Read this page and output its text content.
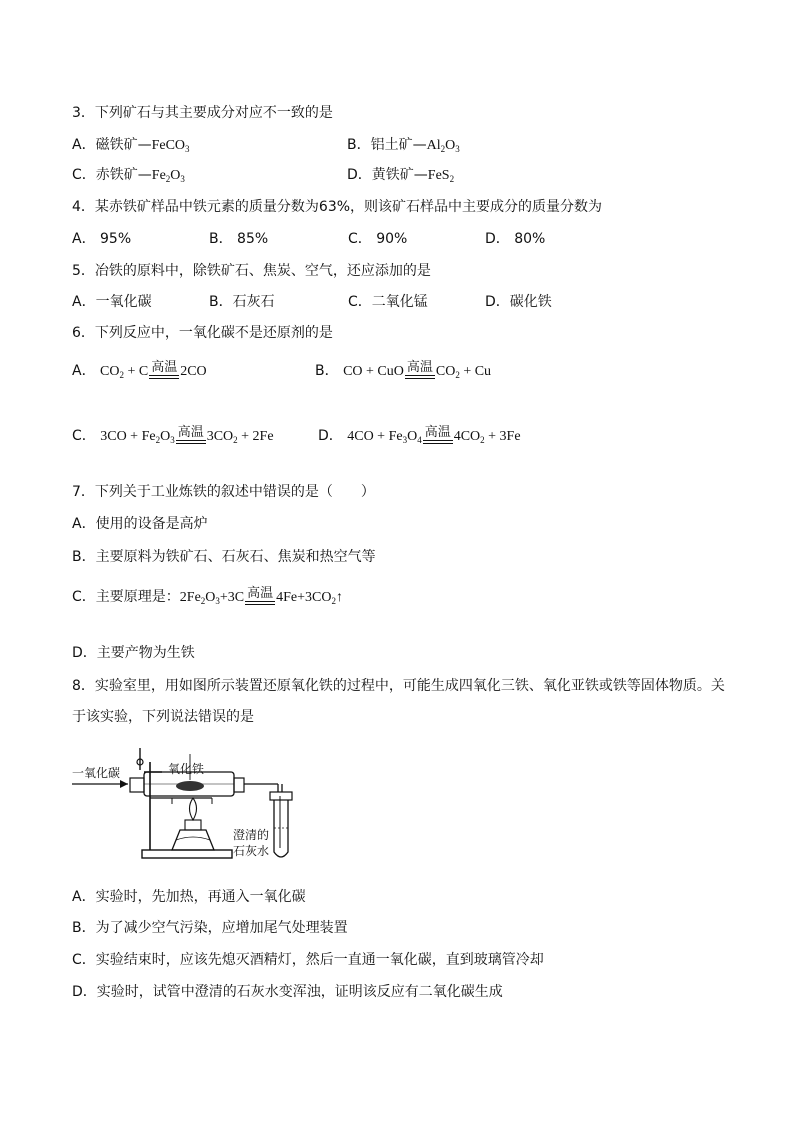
3．下列矿石与其主要成分对应不一致的是
A．磁铁矿—FeCO$_3$	B．铝土矿$—Al_2O_3$
C．赤铁矿$—Fe_2O_3$	D．黄铁矿—FeS$_2$
4．某赤铁矿样品中铁元素的质量分数为63%，则该矿石样品中主要成分的质量分数为
A． 95%	B． 85%	C． 90%	D． 80%
5．冶铁的原料中，除铁矿石、焦炭、空气，还应添加的是
A．一氧化碳	B．石灰石	C．二氧化锰	D．碳化铁
6．下列反应中，一氧化碳不是还原剂的是
A． $CO_2 + C$ 高温 2CO	B． CO + CuO 高温 $CO_2 + Cu$
C． $3CO + Fe_2O_3$ 高温 $3CO_2 + 2Fe$	D． $4CO + Fe_3O_4$ 高温 $4CO_2 + 3Fe$
7．下列关于工业炼铁的叙述中错误的是（　　）
A．使用的设备是高炉
B．主要原料为铁矿石、石灰石、焦炭和热空气等
C．主要原理是：$2Fe_2O_3+3C$ 高温 $4Fe+3CO_2↑$
D．主要产物为生铁
8．实验室里，用如图所示装置还原氧化铁的过程中，可能生成四氧化三铁、氧化亚铁或铁等固体物质。关
于该实验，下列说法错误的是
一氧化碳	氧化铁
澄清的
石灰水
A．实验时，先加热，再通入一氧化碳
B．为了减少空气污染，应增加尾气处理装置
C．实验结束时，应该先熄灭酒精灯，然后一直通一氧化碳，直到玻璃管冷却
D．实验时，试管中澄清的石灰水变浑浊，证明该反应有二氧化碳生成
